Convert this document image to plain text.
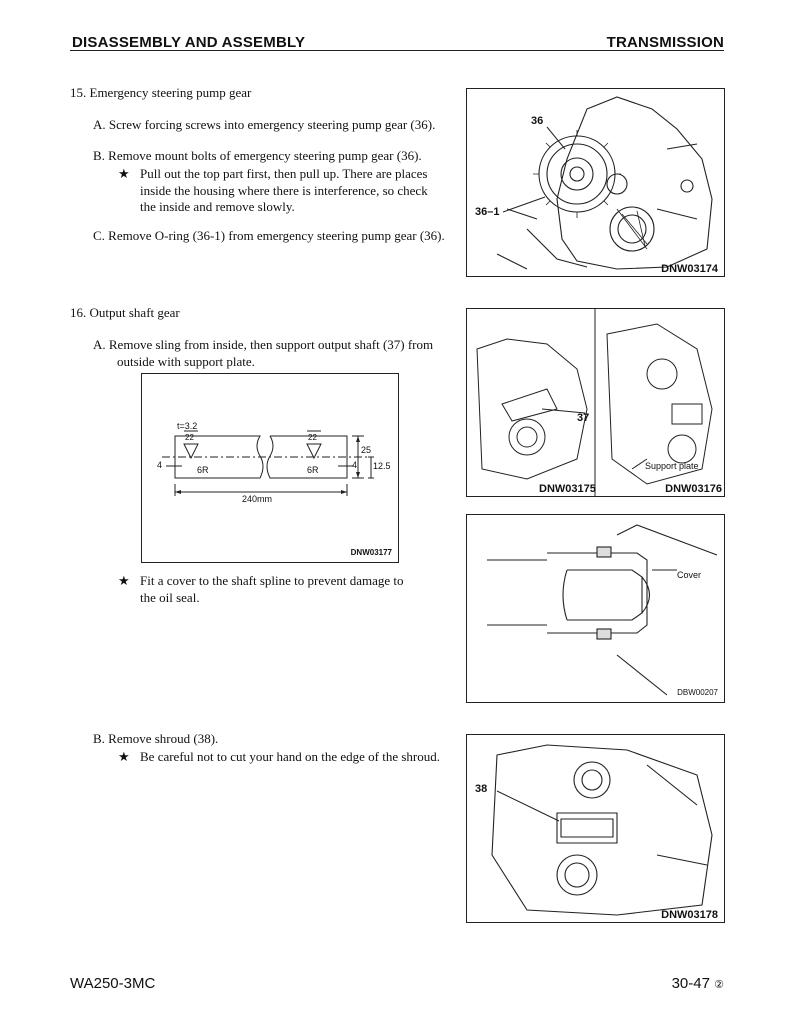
DISASSEMBLY AND ASSEMBLY	TRANSMISSION
15. Emergency steering pump gear
A. Screw forcing screws into emergency steering pump gear (36).
B. Remove mount bolts of emergency steering pump gear (36).
★ Pull out the top part first, then pull up. There are places
inside the housing where there is interference, so check
the inside and remove slowly.
C. Remove O-ring (36-1) from emergency steering pump gear (36).
36
36–1
DNW03174
16. Output shaft gear
A. Remove sling from inside, then support output shaft (37) from
outside with support plate.
t=3.2
22	22
6R	6R
4	4
25
12.5
240mm
DNW03177
★ Fit a cover to the shaft spline to prevent damage to
the oil seal.
37
Support plate
DNW03175	DNW03176
Cover
DBW00207
B. Remove shroud (38).
★ Be careful not to cut your hand on the edge of the shroud.
38
DNW03178
WA250-3MC	30-47 ②
